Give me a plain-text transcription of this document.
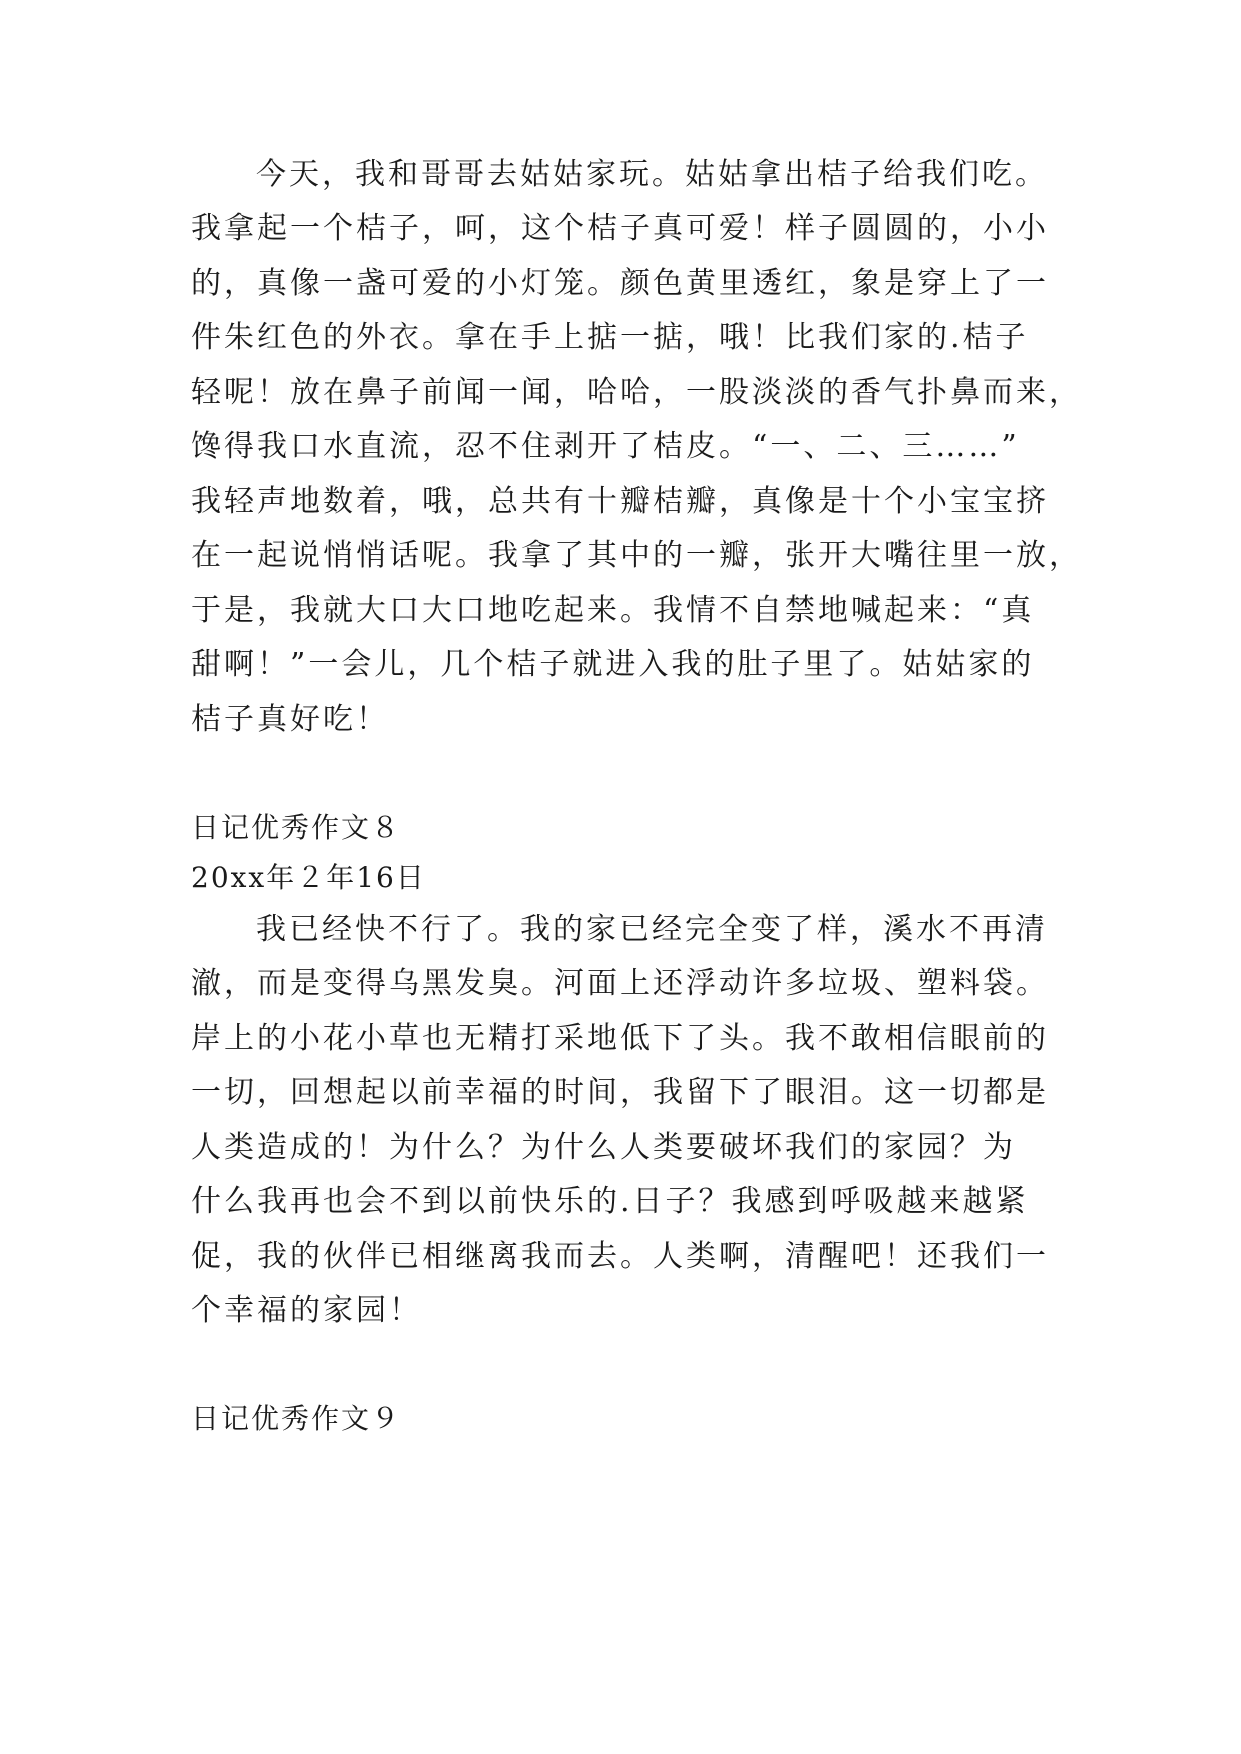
今天，我和哥哥去姑姑家玩。姑姑拿出桔子给我们吃。
我拿起一个桔子，呵，这个桔子真可爱！样子圆圆的，小小
的，真像一盏可爱的小灯笼。颜色黄里透红，象是穿上了一
件朱红色的外衣。拿在手上掂一掂，哦！比我们家的.桔子
轻呢！放在鼻子前闻一闻，哈哈，一股淡淡的香气扑鼻而来，
馋得我口水直流，忍不住剥开了桔皮。“一、二、三……”
我轻声地数着，哦，总共有十瓣桔瓣，真像是十个小宝宝挤
在一起说悄悄话呢。我拿了其中的一瓣，张开大嘴往里一放，
于是，我就大口大口地吃起来。我情不自禁地喊起来：“真
甜啊！”一会儿，几个桔子就进入我的肚子里了。姑姑家的
桔子真好吃！
日记优秀作文８
20xx年２年16日
我已经快不行了。我的家已经完全变了样，溪水不再清
澈，而是变得乌黑发臭。河面上还浮动许多垃圾、塑料袋。
岸上的小花小草也无精打采地低下了头。我不敢相信眼前的
一切，回想起以前幸福的时间，我留下了眼泪。这一切都是
人类造成的！为什么？为什么人类要破坏我们的家园？为
什么我再也会不到以前快乐的.日子？我感到呼吸越来越紧
促，我的伙伴已相继离我而去。人类啊，清醒吧！还我们一
个幸福的家园！
日记优秀作文９
